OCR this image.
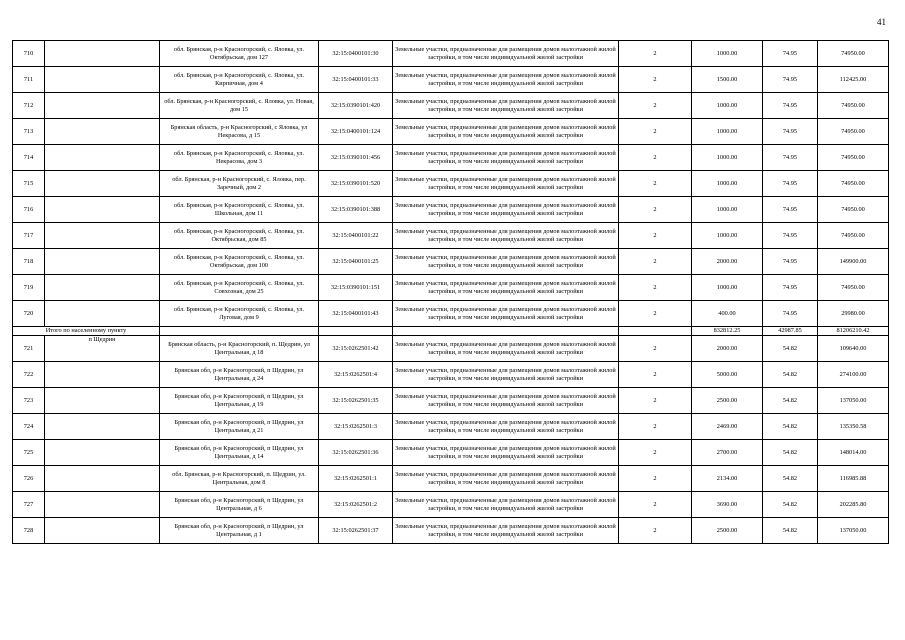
41
710		обл. Брянская, р-н Красногорский, с. Яловка, ул. Октябрьская, дом 127	32:15:0400101:30	Земельные участки, предназначенные для размещения домов малоэтажной жилой застройки, в том числе индивидуальной жилой застройки	2	1000.00	74.95	74950.00
711		обл. Брянская, р-н Красногорский, с. Яловка, ул. Кирпичная, дом 4	32:15:0400101:33	Земельные участки, предназначенные для размещения домов малоэтажной жилой застройки, в том числе индивидуальной жилой застройки	2	1500.00	74.95	112425.00
712		обл. Брянская, р-н Красногорский, с. Яловка, ул. Новая, дом 15	32:15:0390101:420	Земельные участки, предназначенные для размещения домов малоэтажной жилой застройки, в том числе индивидуальной жилой застройки	2	1000.00	74.95	74950.00
713		Брянская область, р-н Красногорский, с Яловка, ул Некрасова, д 15	32:15:0400101:124	Земельные участки, предназначенные для размещения домов малоэтажной жилой застройки, в том числе индивидуальной жилой застройки	2	1000.00	74.95	74950.00
714		обл. Брянская, р-н Красногорский, с. Яловка, ул. Некрасова, дом 3	32:15:0390101:456	Земельные участки, предназначенные для размещения домов малоэтажной жилой застройки, в том числе индивидуальной жилой застройки	2	1000.00	74.95	74950.00
715		обл. Брянская, р-н Красногорский, с. Яловка, пер. Заречный, дом 2	32:15:0390101:520	Земельные участки, предназначенные для размещения домов малоэтажной жилой застройки, в том числе индивидуальной жилой застройки	2	1000.00	74.95	74950.00
716		обл. Брянская, р-н Красногорский, с. Яловка, ул. Школьная, дом 11	32:15:0390101:388	Земельные участки, предназначенные для размещения домов малоэтажной жилой застройки, в том числе индивидуальной жилой застройки	2	1000.00	74.95	74950.00
717		обл. Брянская, р-н Красногорский, с. Яловка, ул. Октябрьская, дом 85	32:15:0400101:22	Земельные участки, предназначенные для размещения домов малоэтажной жилой застройки, в том числе индивидуальной жилой застройки	2	1000.00	74.95	74950.00
718		обл. Брянская, р-н Красногорский, с. Яловка, ул. Октябрьская, дом 100	32:15:0400101:25	Земельные участки, предназначенные для размещения домов малоэтажной жилой застройки, в том числе индивидуальной жилой застройки	2	2000.00	74.95	149900.00
719		обл. Брянская, р-н Красногорский, с. Яловка, ул. Совхозная, дом 25	32:15:0390101:151	Земельные участки, предназначенные для размещения домов малоэтажной жилой застройки, в том числе индивидуальной жилой застройки	2	1000.00	74.95	74950.00
720		обл. Брянская, р-н Красногорский, с. Яловка, ул. Луговая, дом 9	32:15:0400101:43	Земельные участки, предназначенные для размещения домов малоэтажной жилой застройки, в том числе индивидуальной жилой застройки	2	400.00	74.95	29980.00
Итого по населенному пункту						832812.25	42987.85	81206210.42
721	п Щедрин	Брянская область, р-н Красногорский, п. Щедрин, ул Центральная, д 18	32:15:0262501:42	Земельные участки, предназначенные для размещения домов малоэтажной жилой застройки, в том числе индивидуальной жилой застройки	2	2000.00	54.82	109640.00
722		Брянская обл, р-н Красногорский, п Щедрин, ул Центральная, д 24	32:15:0262501:4	Земельные участки, предназначенные для размещения домов малоэтажной жилой застройки, в том числе индивидуальной жилой застройки	2	5000.00	54.82	274100.00
723		Брянская обл, р-н Красногорский, п Щедрин, ул Центральная, д 19	32:15:0262501:35	Земельные участки, предназначенные для размещения домов малоэтажной жилой застройки, в том числе индивидуальной жилой застройки	2	2500.00	54.82	137050.00
724		Брянская обл, р-н Красногорский, п Щедрин, ул Центральная, д 21	32:15:0262501:3	Земельные участки, предназначенные для размещения домов малоэтажной жилой застройки, в том числе индивидуальной жилой застройки	2	2469.00	54.82	135350.58
725		Брянская обл, р-н Красногорский, п Щедрин, ул Центральная, д 14	32:15:0262501:36	Земельные участки, предназначенные для размещения домов малоэтажной жилой застройки, в том числе индивидуальной жилой застройки	2	2700.00	54.82	148014.00
726		обл. Брянская, р-н Красногорский, п. Щедрин, ул. Центральная, дом 8	32:15:0262501:1	Земельные участки, предназначенные для размещения домов малоэтажной жилой застройки, в том числе индивидуальной жилой застройки	2	2134.00	54.82	116985.88
727		Брянская обл, р-н Красногорский, п Щедрин, ул Центральная, д 6	32:15:0262501:2	Земельные участки, предназначенные для размещения домов малоэтажной жилой застройки, в том числе индивидуальной жилой застройки	2	3690.00	54.82	202285.80
728		Брянская обл, р-н Красногорский, п Щедрин, ул Центральная, д 1	32:15:0262501:37	Земельные участки, предназначенные для размещения домов малоэтажной жилой застройки, в том числе индивидуальной жилой застройки	2	2500.00	54.82	137050.00
